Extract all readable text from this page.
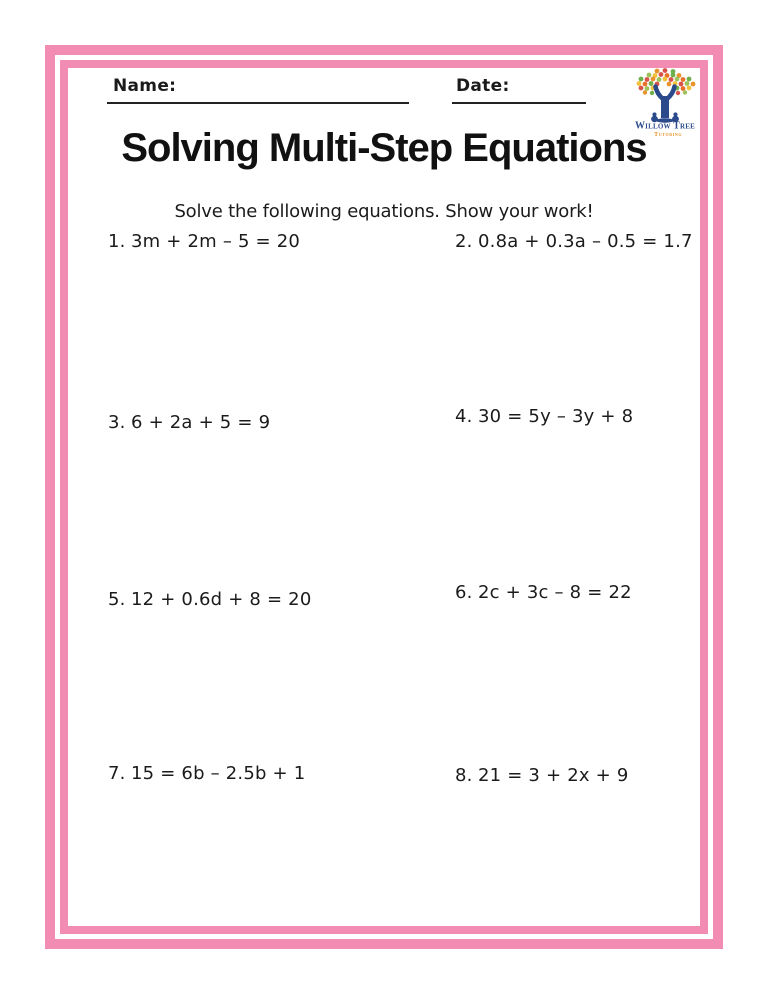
Name:	Date:
Willow Tree
Tutoring
Solving Multi-Step Equations
Solve the following equations. Show your work!
1. 3m + 2m – 5 = 20	2. 0.8a + 0.3a – 0.5 = 1.7
3. 6 + 2a + 5 = 9	4. 30 = 5y – 3y + 8
5. 12 + 0.6d + 8 = 20	6. 2c + 3c – 8 = 22
7. 15 = 6b – 2.5b + 1	8. 21 = 3 + 2x + 9
